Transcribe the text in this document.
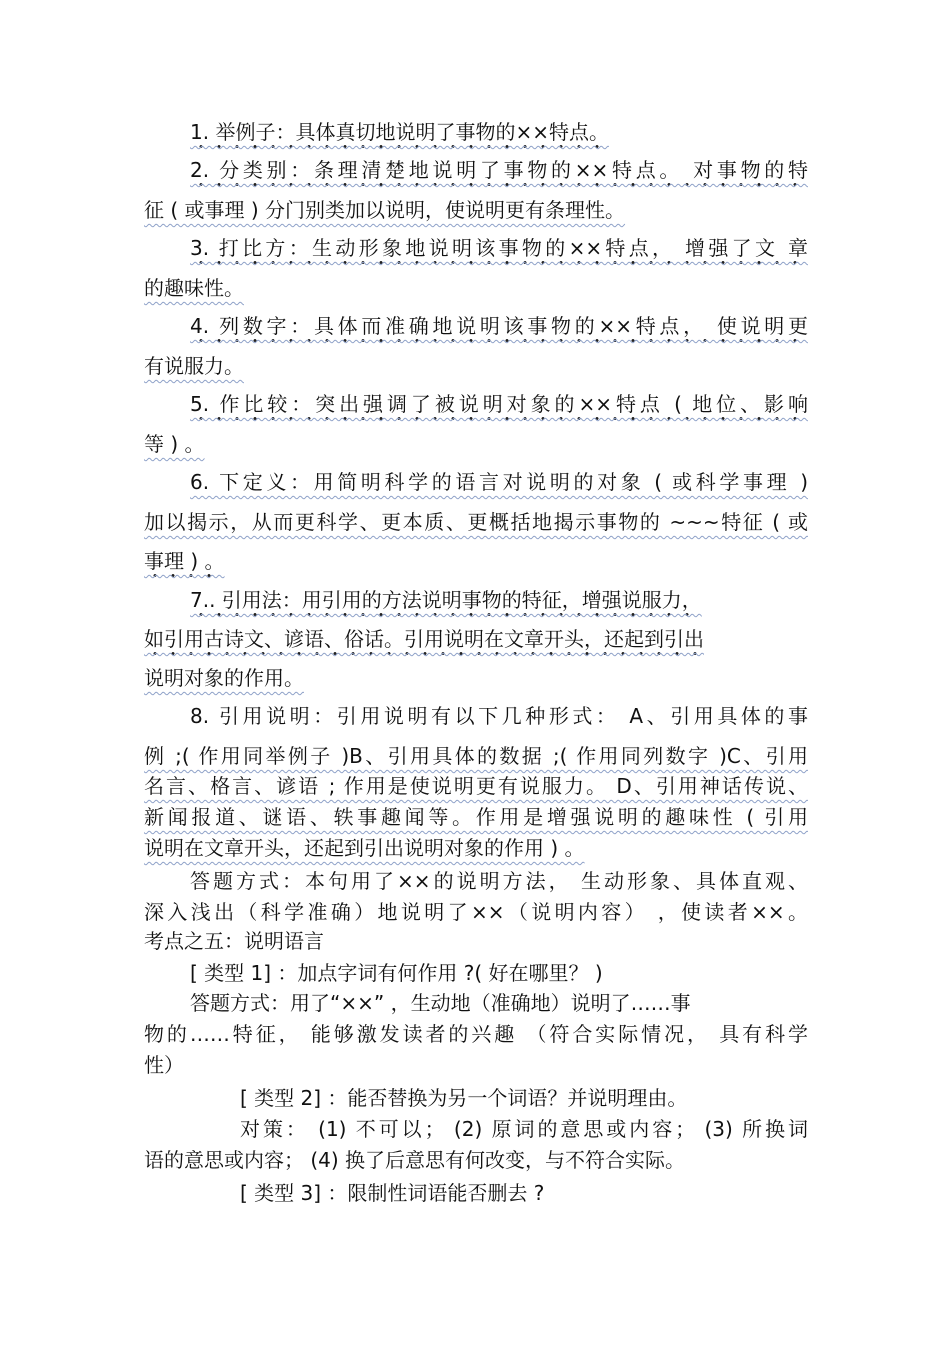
1. 举例子：具体真切地说明了事物的××特点。
2. 分类别：条理清楚地说明了事物的××特点。 对事物的特
征 ( 或事理 ) 分门别类加以说明，使说明更有条理性。
3. 打比方：生动形象地说明该事物的××特点， 增强了文 章
的趣味性。
4. 列数字：具体而准确地说明该事物的××特点， 使说明更
有说服力。
5. 作比较：突出强调了被说明对象的××特点 ( 地位、影响
等 ) 。
6. 下定义：用简明科学的语言对说明的对象 ( 或科学事理 )
加以揭示，从而更科学、更本质、更概括地揭示事物的 ~~~特征 ( 或
事理 ) 。
7.. 引用法：用引用的方法说明事物的特征，增强说服力，
如引用古诗文、谚语、俗话。引用说明在文章开头，还起到引出
说明对象的作用。
8. 引用说明：引用说明有以下几种形式： A、引用具体的事
例 ;( 作用同举例子 )B、引用具体的数据 ;( 作用同列数字 )C、引用
名言、格言、谚语 ; 作用是使说明更有说服力。 D、引用神话传说、
新闻报道、谜语、轶事趣闻等。作用是增强说明的趣味性 ( 引用
说明在文章开头，还起到引出说明对象的作用 ) 。
答题方式：本句用了××的说明方法， 生动形象、具体直观、
深入浅出（科学准确）地说明了××（说明内容） ，使读者××。
考点之五：说明语言
[ 类型 1] ：加点字词有何作用 ?( 好在哪里？ )
答题方式：用了“××” ，生动地（准确地）说明了……事
物的……特征， 能够激发读者的兴趣 （符合实际情况， 具有科学
性）
[ 类型 2] ：能否替换为另一个词语？并说明理由。
对策： (1) 不可以； (2) 原词的意思或内容； (3) 所换词
语的意思或内容； (4) 换了后意思有何改变，与不符合实际。
[ 类型 3] ：限制性词语能否删去 ?
